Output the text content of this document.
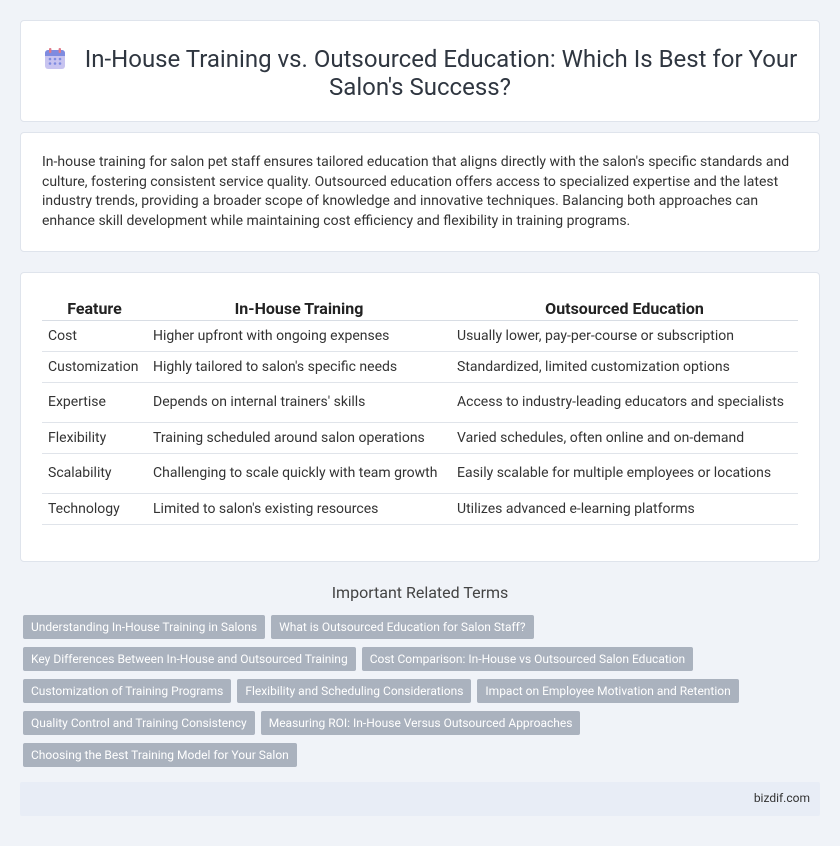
In-House Training vs. Outsourced Education: Which Is Best for Your Salon's Success?

In-house training for salon pet staff ensures tailored education that aligns directly with the salon's specific standards and culture, fostering consistent service quality. Outsourced education offers access to specialized expertise and the latest industry trends, providing a broader scope of knowledge and innovative techniques. Balancing both approaches can enhance skill development while maintaining cost efficiency and flexibility in training programs.

Feature	In-House Training	Outsourced Education
Cost	Higher upfront with ongoing expenses	Usually lower, pay-per-course or subscription
Customization	Highly tailored to salon's specific needs	Standardized, limited customization options
Expertise	Depends on internal trainers' skills	Access to industry-leading educators and specialists
Flexibility	Training scheduled around salon operations	Varied schedules, often online and on-demand
Scalability	Challenging to scale quickly with team growth	Easily scalable for multiple employees or locations
Technology	Limited to salon's existing resources	Utilizes advanced e-learning platforms
Important Related Terms
Understanding In-House Training in Salons	What is Outsourced Education for Salon Staff?
Key Differences Between In-House and Outsourced Training	Cost Comparison: In-House vs Outsourced Salon Education
Customization of Training Programs	Flexibility and Scheduling Considerations	Impact on Employee Motivation and Retention
Quality Control and Training Consistency	Measuring ROI: In-House Versus Outsourced Approaches
Choosing the Best Training Model for Your Salon
bizdif.com
